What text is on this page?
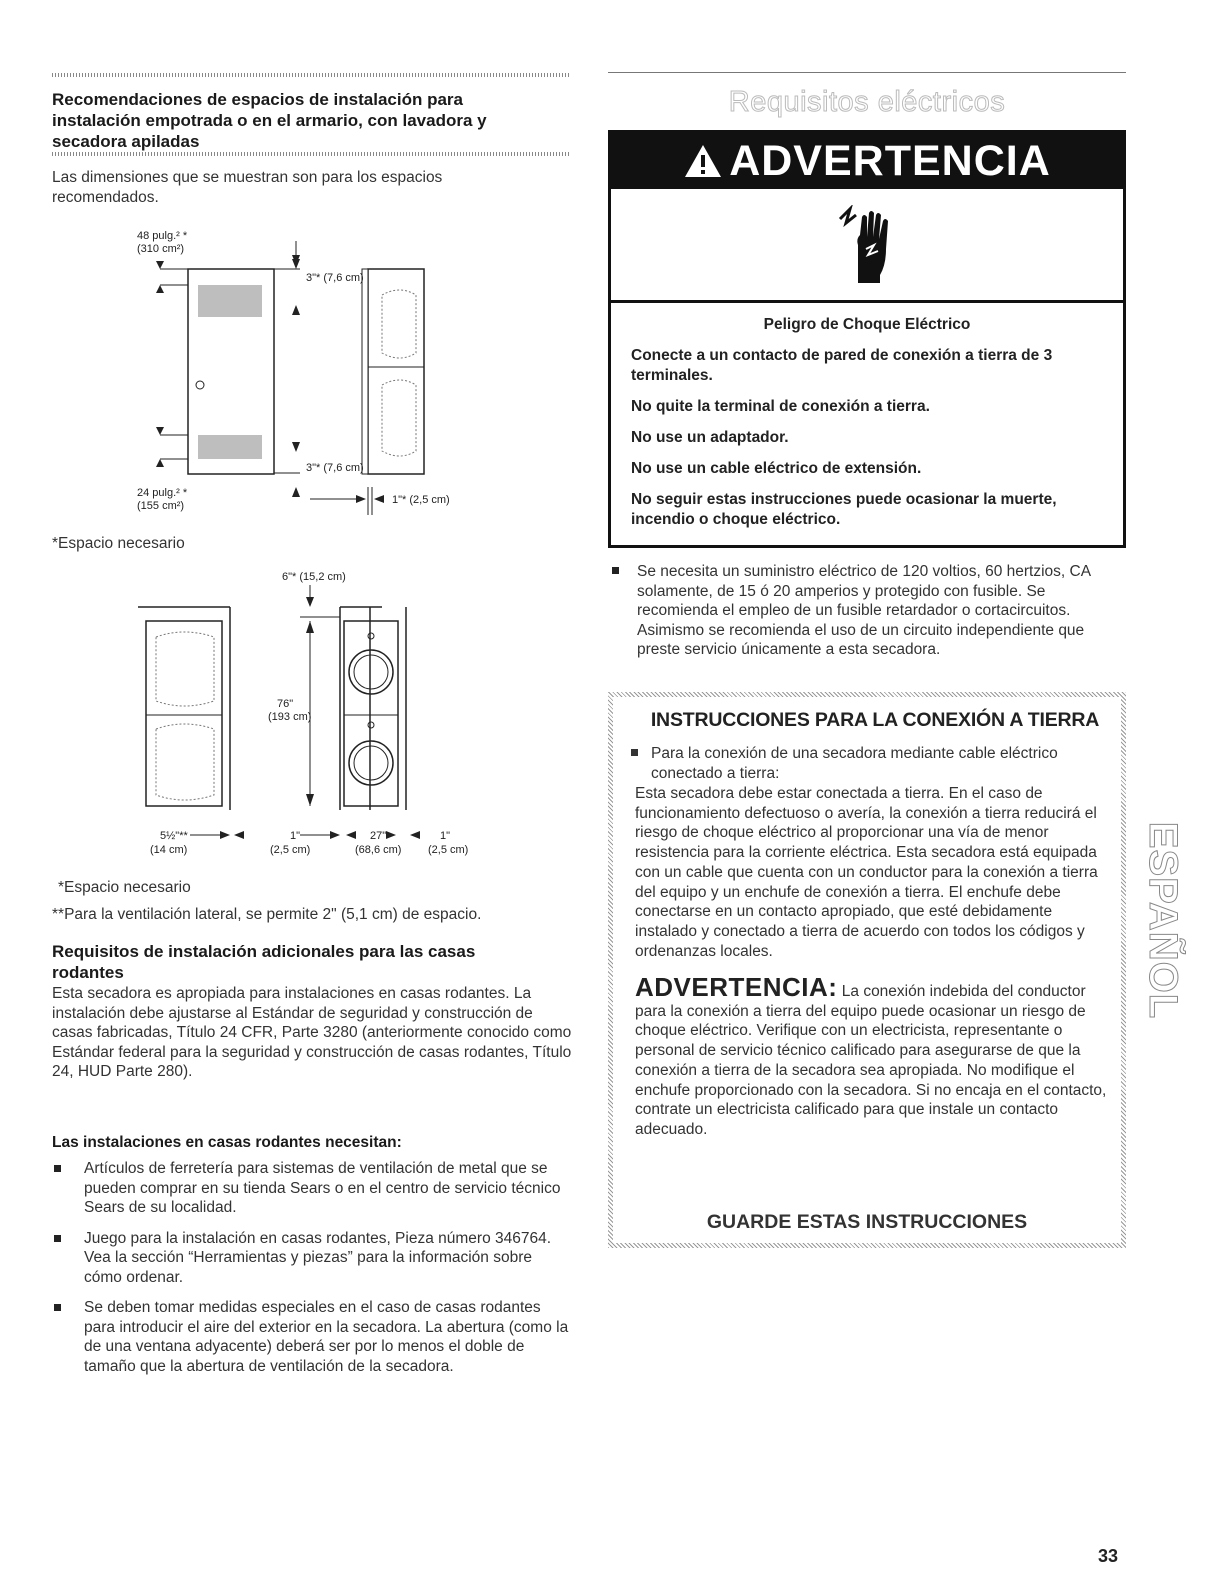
Recomendaciones de espacios de instalación para instalación empotrada o en el armario, con lavadora y secadora apiladas
Las dimensiones que se muestran son para los espacios recomendados.
48 pulg.² *
(310 cm²)
3"* (7,6 cm)
3"* (7,6 cm)
24 pulg.² *
(155 cm²)	1"* (2,5 cm)
*Espacio necesario
6"* (15,2 cm)
76"
(193 cm)
5½"**
(14 cm)
1"
(2,5 cm)
27"
(68,6 cm)
1"
(2,5 cm)
*Espacio necesario
**Para la ventilación lateral, se permite 2" (5,1 cm) de espacio.
Requisitos de instalación adicionales para las casas rodantes
Esta secadora es apropiada para instalaciones en casas rodantes. La instalación debe ajustarse al Estándar de seguridad y construcción de casas fabricadas, Título 24 CFR, Parte 3280 (anteriormente conocido como Estándar federal para la seguridad y construcción de casas rodantes, Título 24, HUD Parte 280).
Las instalaciones en casas rodantes necesitan:
Artículos de ferretería para sistemas de ventilación de metal que se pueden comprar en su tienda Sears o en el centro de servicio técnico Sears de su localidad.
Juego para la instalación en casas rodantes, Pieza número 346764. Vea la sección “Herramientas y piezas” para la información sobre cómo ordenar.
Se deben tomar medidas especiales en el caso de casas rodantes para introducir el aire del exterior en la secadora. La abertura (como la de una ventana adyacente) deberá ser por lo menos el doble de tamaño que la abertura de ventilación de la secadora.
Requisitos eléctricos
ADVERTENCIA
Peligro de Choque Eléctrico
Conecte a un contacto de pared de conexión a tierra de 3 terminales.
No quite la terminal de conexión a tierra.
No use un adaptador.
No use un cable eléctrico de extensión.
No seguir estas instrucciones puede ocasionar la muerte, incendio o choque eléctrico.
Se necesita un suministro eléctrico de 120 voltios, 60 hertzios, CA solamente, de 15 ó 20 amperios y protegido con fusible. Se recomienda el empleo de un fusible retardador o cortacircuitos. Asimismo se recomienda el uso de un circuito independiente que preste servicio únicamente a esta secadora.
INSTRUCCIONES PARA LA CONEXIÓN A TIERRA
Para la conexión de una secadora mediante cable eléctrico conectado a tierra:
Esta secadora debe estar conectada a tierra. En el caso de funcionamiento defectuoso o avería, la conexión a tierra reducirá el riesgo de choque eléctrico al proporcionar una vía de menor resistencia para la corriente eléctrica. Esta secadora está equipada con un cable que cuenta con un conductor para la conexión a tierra del equipo y un enchufe de conexión a tierra. El enchufe debe conectarse en un contacto apropiado, que esté debidamente instalado y conectado a tierra de acuerdo con todos los códigos y ordenanzas locales.
ADVERTENCIA: La conexión indebida del conductor para la conexión a tierra del equipo puede ocasionar un riesgo de choque eléctrico. Verifique con un electricista, representante o personal de servicio técnico calificado para asegurarse de que la conexión a tierra de la secadora sea apropiada. No modifique el enchufe proporcionado con la secadora. Si no encaja en el contacto, contrate un electricista calificado para que instale un contacto adecuado.
GUARDE ESTAS INSTRUCCIONES
ESPAÑOL
33
